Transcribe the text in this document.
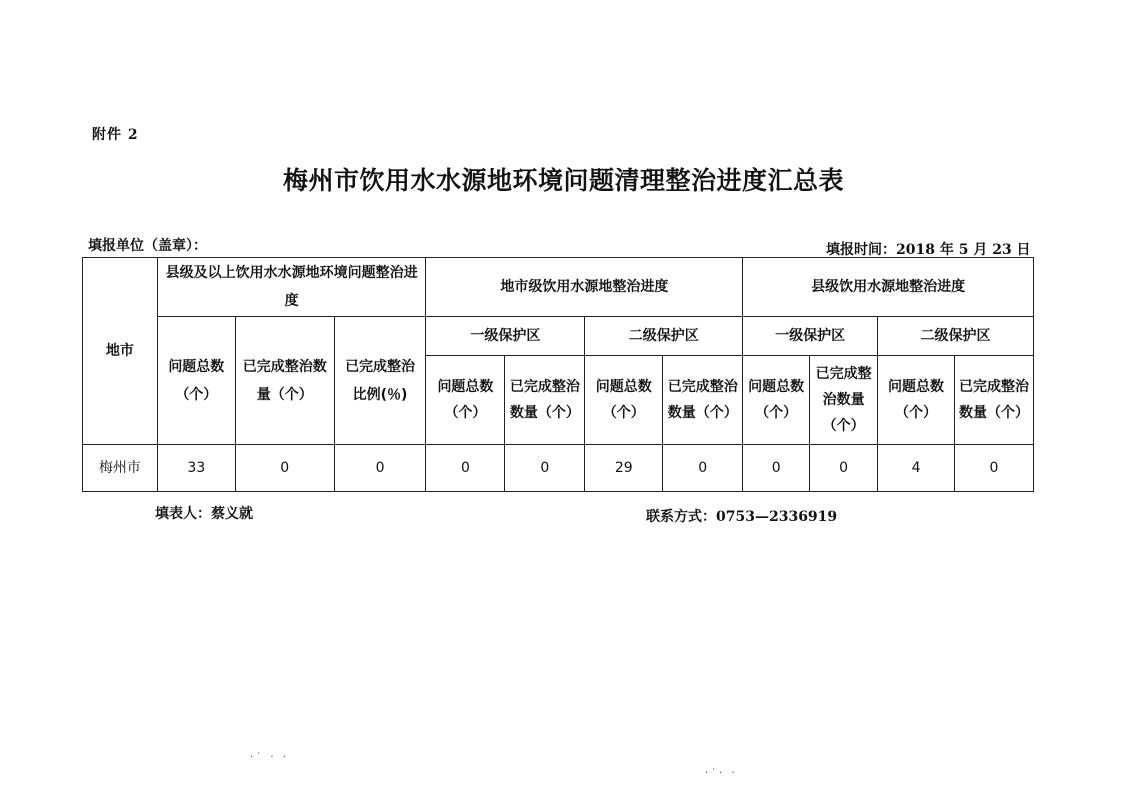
附件 2
梅州市饮用水水源地环境问题清理整治进度汇总表
填报单位（盖章）：	填报时间：2018 年 5 月 23 日
地市	县级及以上饮用水水源地环境问题整治进度			地市级饮用水源地整治进度				县级饮用水源地整治进度			
	问题总数（个）	已完成整治数量（个）	已完成整治比例(％)	一级保护区		二级保护区		一级保护区		二级保护区	
				问题总数（个）	已完成整治数量（个）	问题总数（个）	已完成整治数量（个）	问题总数（个）	已完成整治数量（个）	问题总数（个）	已完成整治数量（个）
梅州市	33	0	0	0	0	29	0	0	0	4	0
填表人：蔡义就	联系方式：0753—2336919
·˙ · ·
·˙· ·
